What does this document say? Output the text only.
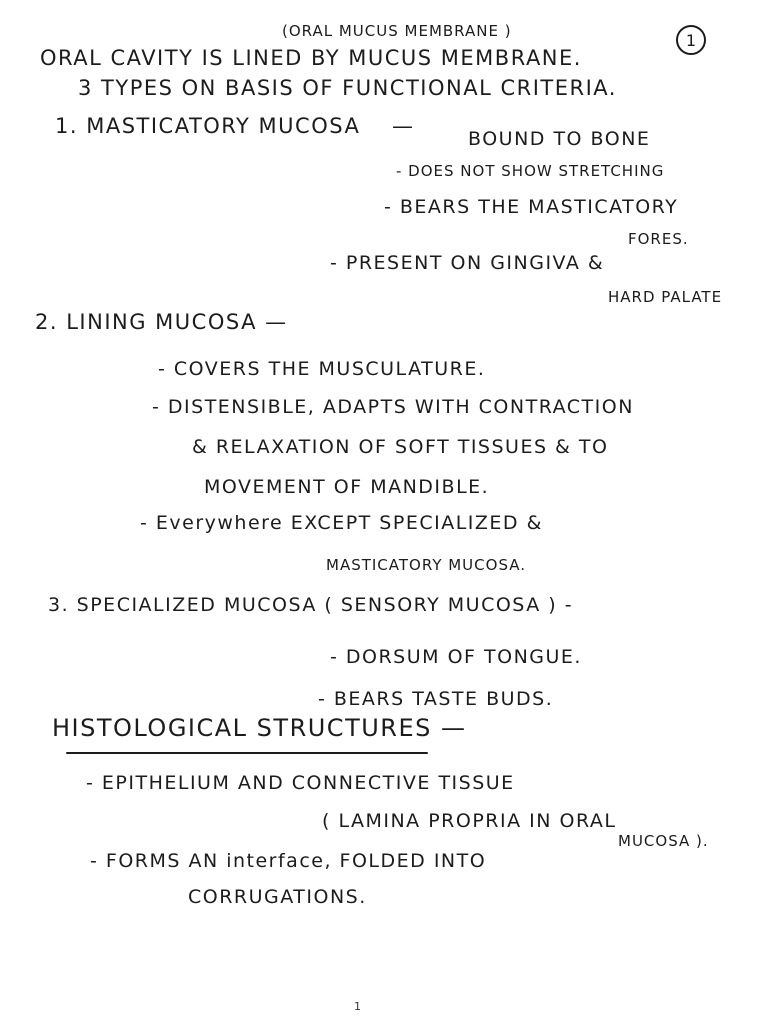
(ORAL MUCUS MEMBRANE )	1
ORAL CAVITY IS LINED BY MUCUS MEMBRANE.
3 TYPES ON BASIS OF FUNCTIONAL CRITERIA.
1. MASTICATORY MUCOSA —
BOUND TO BONE
- DOES NOT SHOW STRETCHING
- BEARS THE MASTICATORY
FORES.
- PRESENT ON GINGIVA &
HARD PALATE
2. LINING MUCOSA —
- COVERS THE MUSCULATURE.
- DISTENSIBLE, ADAPTS WITH CONTRACTION
& RELAXATION OF SOFT TISSUES & TO
MOVEMENT OF MANDIBLE.
- Everywhere EXCEPT SPECIALIZED &
MASTICATORY MUCOSA.
3. SPECIALIZED MUCOSA ( SENSORY MUCOSA ) -
- DORSUM OF TONGUE.
- BEARS TASTE BUDS.
HISTOLOGICAL STRUCTURES —
- EPITHELIUM AND CONNECTIVE TISSUE
( LAMINA PROPRIA IN ORAL
MUCOSA ).
- FORMS AN interface, FOLDED INTO
CORRUGATIONS.
1
